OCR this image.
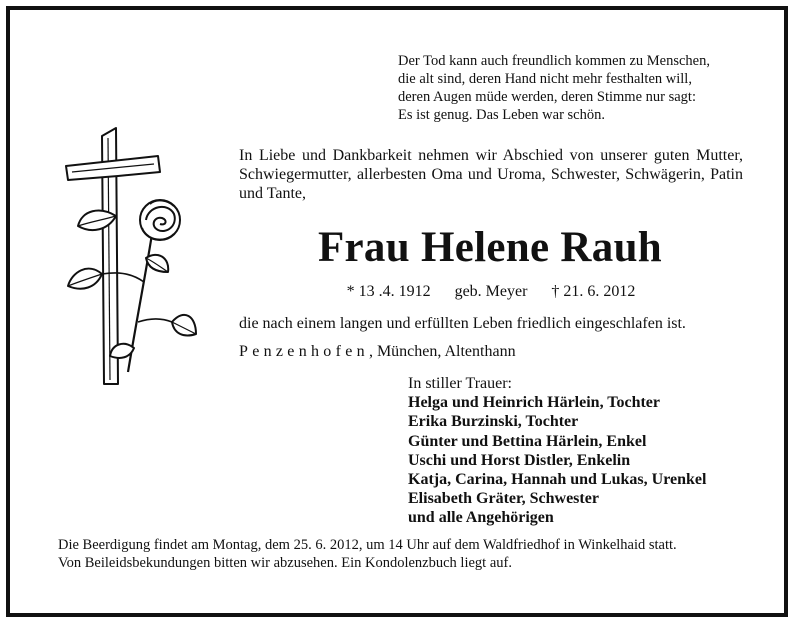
Der Tod kann auch freundlich kommen zu Menschen,
die alt sind, deren Hand nicht mehr festhalten will,
deren Augen müde werden, deren Stimme nur sagt:
Es ist genug. Das Leben war schön.
In Liebe und Dankbarkeit nehmen wir Abschied von unserer guten Mutter, Schwiegermutter, allerbesten Oma und Uroma, Schwester, Schwägerin, Patin und Tante,
Frau Helene Rauh
* 13 .4. 1912 geb. Meyer † 21. 6. 2012
die nach einem langen und erfüllten Leben friedlich eingeschlafen ist.
Penzenhofen, München, Altenthann
In stiller Trauer:
Helga und Heinrich Härlein, Tochter
Erika Burzinski, Tochter
Günter und Bettina Härlein, Enkel
Uschi und Horst Distler, Enkelin
Katja, Carina, Hannah und Lukas, Urenkel
Elisabeth Gräter, Schwester
und alle Angehörigen
Die Beerdigung findet am Montag, dem 25. 6. 2012, um 14 Uhr auf dem Waldfriedhof in Winkelhaid statt.
Von Beileidsbekundungen bitten wir abzusehen. Ein Kondolenzbuch liegt auf.
